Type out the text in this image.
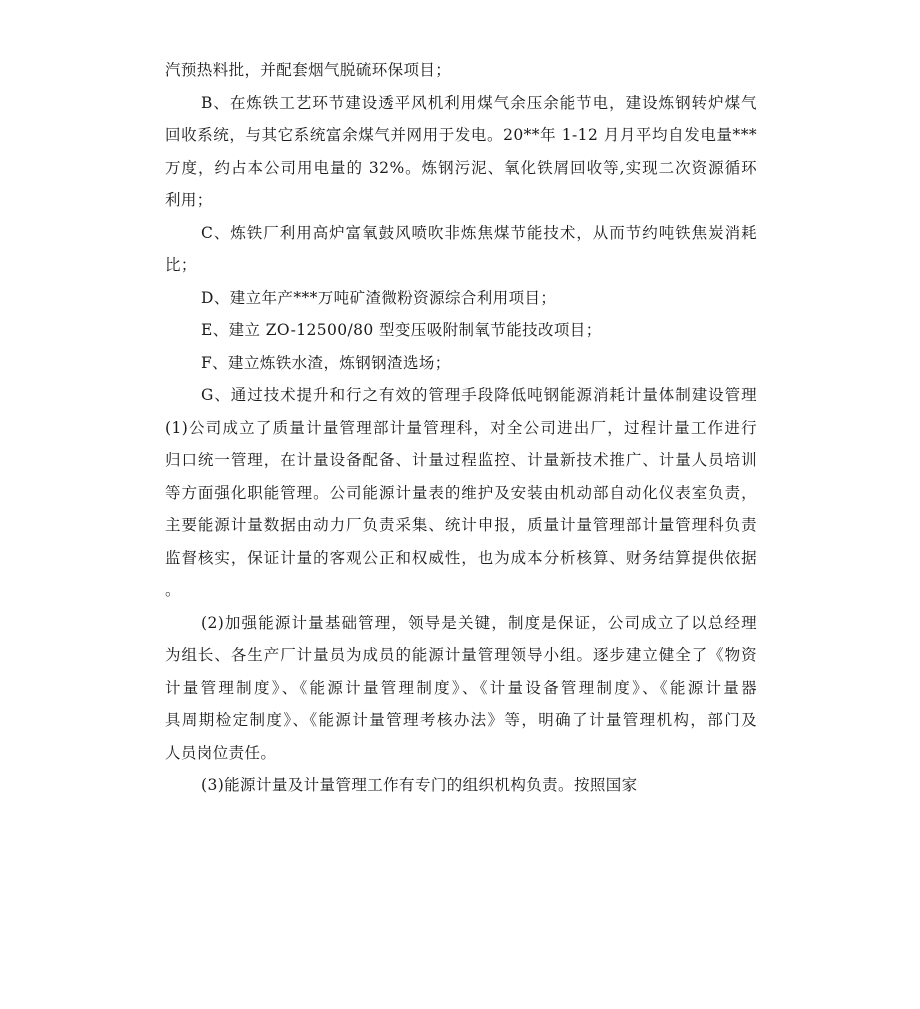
汽预热料批，并配套烟气脱硫环保项目；
B、在炼铁工艺环节建设透平风机利用煤气余压余能节电，建设炼钢转炉煤气
回收系统，与其它系统富余煤气并网用于发电。20**年 1-12 月月平均自发电量***
万度，约占本公司用电量的 32%。炼钢污泥、氧化铁屑回收等,实现二次资源循环
利用；
C、炼铁厂利用高炉富氧鼓风喷吹非炼焦煤节能技术，从而节约吨铁焦炭消耗
比；
D、建立年产***万吨矿渣微粉资源综合利用项目；
E、建立 ZO-12500/80 型变压吸附制氧节能技改项目；
F、建立炼铁水渣，炼钢钢渣选场；
G、通过技术提升和行之有效的管理手段降低吨钢能源消耗计量体制建设管理
(1)公司成立了质量计量管理部计量管理科，对全公司进出厂，过程计量工作进行
归口统一管理，在计量设备配备、计量过程监控、计量新技术推广、计量人员培训
等方面强化职能管理。公司能源计量表的维护及安装由机动部自动化仪表室负责，
主要能源计量数据由动力厂负责采集、统计申报，质量计量管理部计量管理科负责
监督核实，保证计量的客观公正和权威性，也为成本分析核算、财务结算提供依据
。
(2)加强能源计量基础管理，领导是关键，制度是保证，公司成立了以总经理
为组长、各生产厂计量员为成员的能源计量管理领导小组。逐步建立健全了《物资
计量管理制度》、《能源计量管理制度》、《计量设备管理制度》、《能源计量器
具周期检定制度》、《能源计量管理考核办法》等，明确了计量管理机构，部门及
人员岗位责任。
(3)能源计量及计量管理工作有专门的组织机构负责。按照国家
